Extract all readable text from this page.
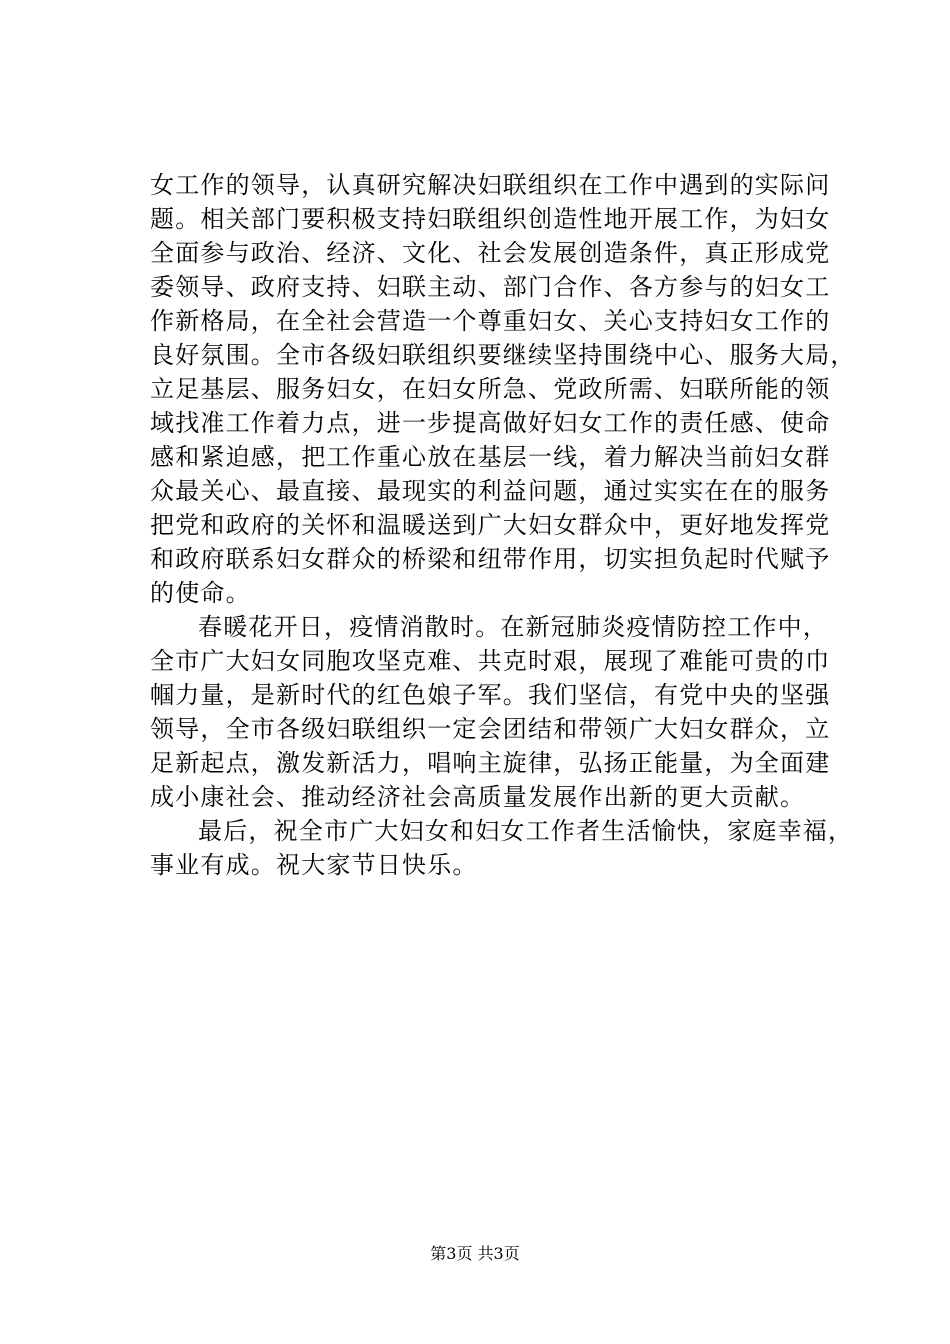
女工作的领导，认真研究解决妇联组织在工作中遇到的实际问
题。相关部门要积极支持妇联组织创造性地开展工作，为妇女
全面参与政治、经济、文化、社会发展创造条件，真正形成党
委领导、政府支持、妇联主动、部门合作、各方参与的妇女工
作新格局，在全社会营造一个尊重妇女、关心支持妇女工作的
良好氛围。全市各级妇联组织要继续坚持围绕中心、服务大局，
立足基层、服务妇女，在妇女所急、党政所需、妇联所能的领
域找准工作着力点，进一步提高做好妇女工作的责任感、使命
感和紧迫感，把工作重心放在基层一线，着力解决当前妇女群
众最关心、最直接、最现实的利益问题，通过实实在在的服务
把党和政府的关怀和温暖送到广大妇女群众中，更好地发挥党
和政府联系妇女群众的桥梁和纽带作用，切实担负起时代赋予
的使命。
春暖花开日，疫情消散时。在新冠肺炎疫情防控工作中，
全市广大妇女同胞攻坚克难、共克时艰，展现了难能可贵的巾
帼力量，是新时代的红色娘子军。我们坚信，有党中央的坚强
领导，全市各级妇联组织一定会团结和带领广大妇女群众，立
足新起点，激发新活力，唱响主旋律，弘扬正能量，为全面建
成小康社会、推动经济社会高质量发展作出新的更大贡献。
最后，祝全市广大妇女和妇女工作者生活愉快，家庭幸福，
事业有成。祝大家节日快乐。
第3页 共3页
